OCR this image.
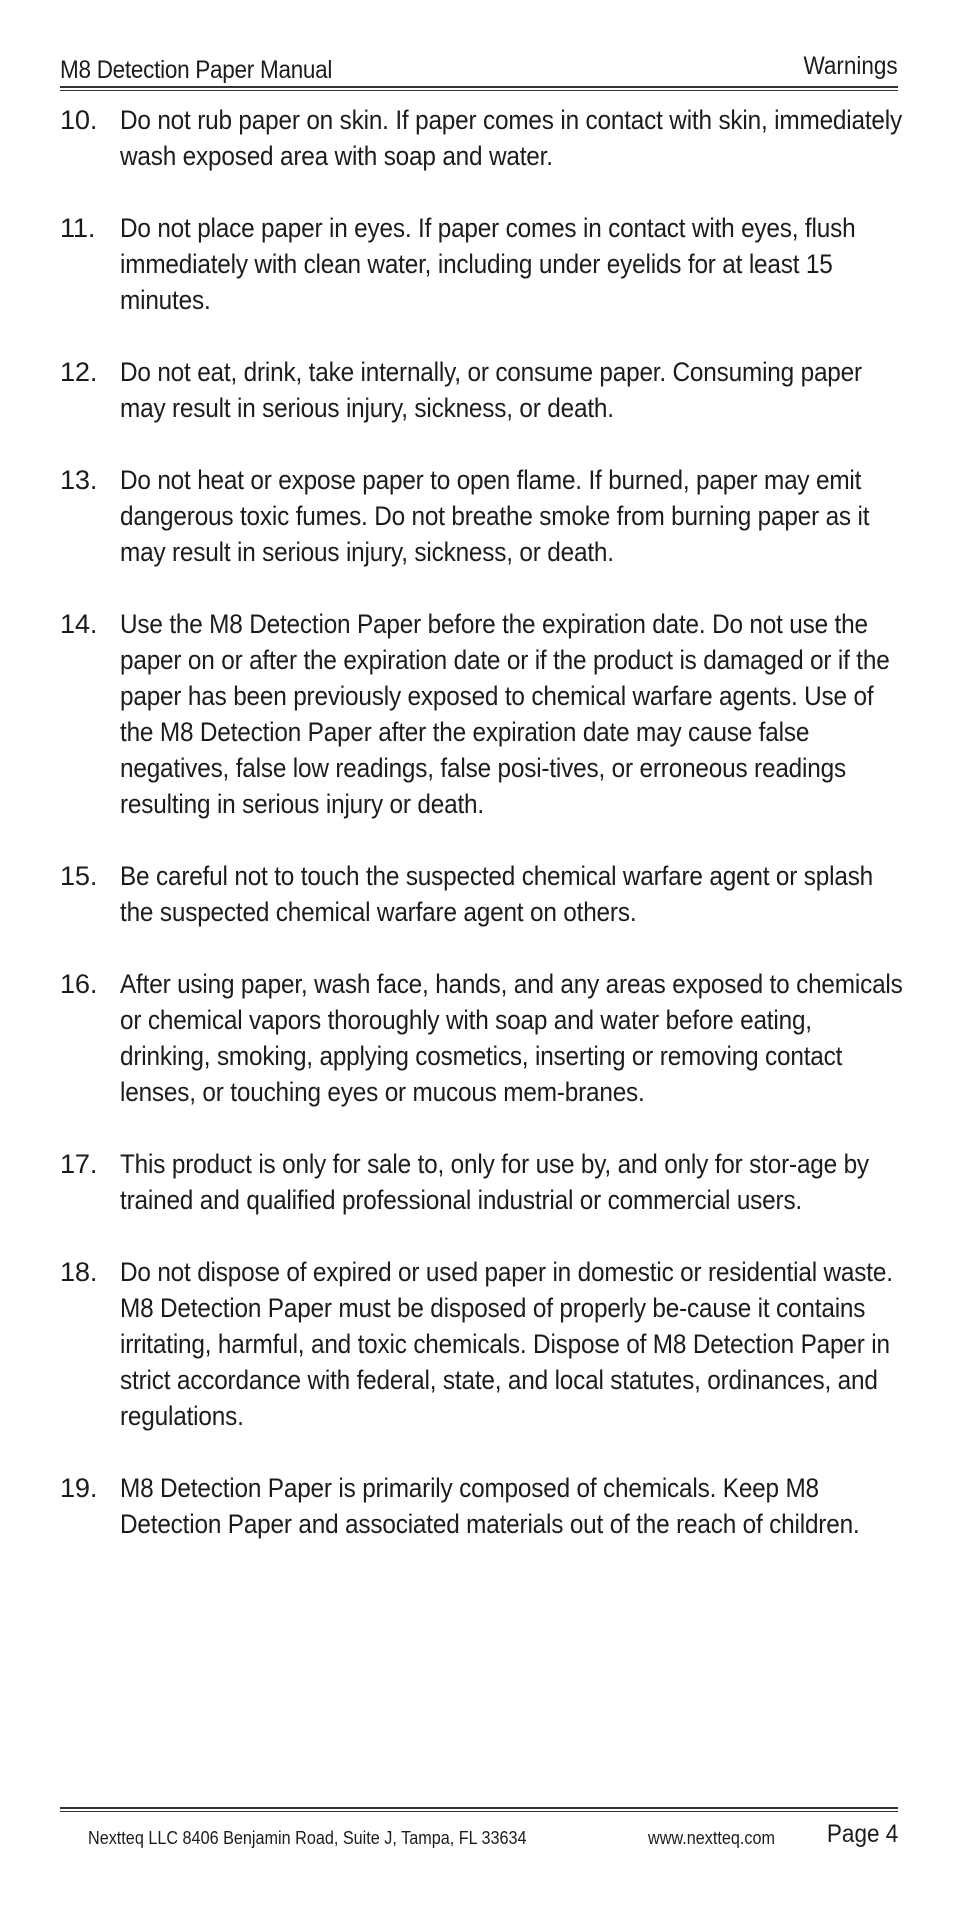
M8 Detection Paper Manual	Warnings
10. Do not rub paper on skin. If paper comes in contact with skin, immediately wash exposed area with soap and water.
11. Do not place paper in eyes. If paper comes in contact with eyes, flush immediately with clean water, including under eyelids for at least 15 minutes.
12. Do not eat, drink, take internally, or consume paper. Consuming paper may result in serious injury, sickness, or death.
13. Do not heat or expose paper to open flame. If burned, paper may emit dangerous toxic fumes. Do not breathe smoke from burning paper as it may result in serious injury, sickness, or death.
14. Use the M8 Detection Paper before the expiration date. Do not use the paper on or after the expiration date or if the product is damaged or if the paper has been previously exposed to chemical warfare agents. Use of the M8 Detection Paper after the expiration date may cause false negatives, false low readings, false posi-tives, or erroneous readings resulting in serious injury or death.
15. Be careful not to touch the suspected chemical warfare agent or splash the suspected chemical warfare agent on others.
16. After using paper, wash face, hands, and any areas exposed to chemicals or chemical vapors thoroughly with soap and water before eating, drinking, smoking, applying cosmetics, inserting or removing contact lenses, or touching eyes or mucous mem-branes.
17. This product is only for sale to, only for use by, and only for stor-age by trained and qualified professional industrial or commercial users.
18. Do not dispose of expired or used paper in domestic or residential waste. M8 Detection Paper must be disposed of properly be-cause it contains irritating, harmful, and toxic chemicals. Dispose of M8 Detection Paper in strict accordance with federal, state, and local statutes, ordinances, and regulations.
19. M8 Detection Paper is primarily composed of chemicals. Keep M8 Detection Paper and associated materials out of the reach of children.
Nextteq LLC 8406 Benjamin Road, Suite J, Tampa, FL 33634	www.nextteq.com Page 4
